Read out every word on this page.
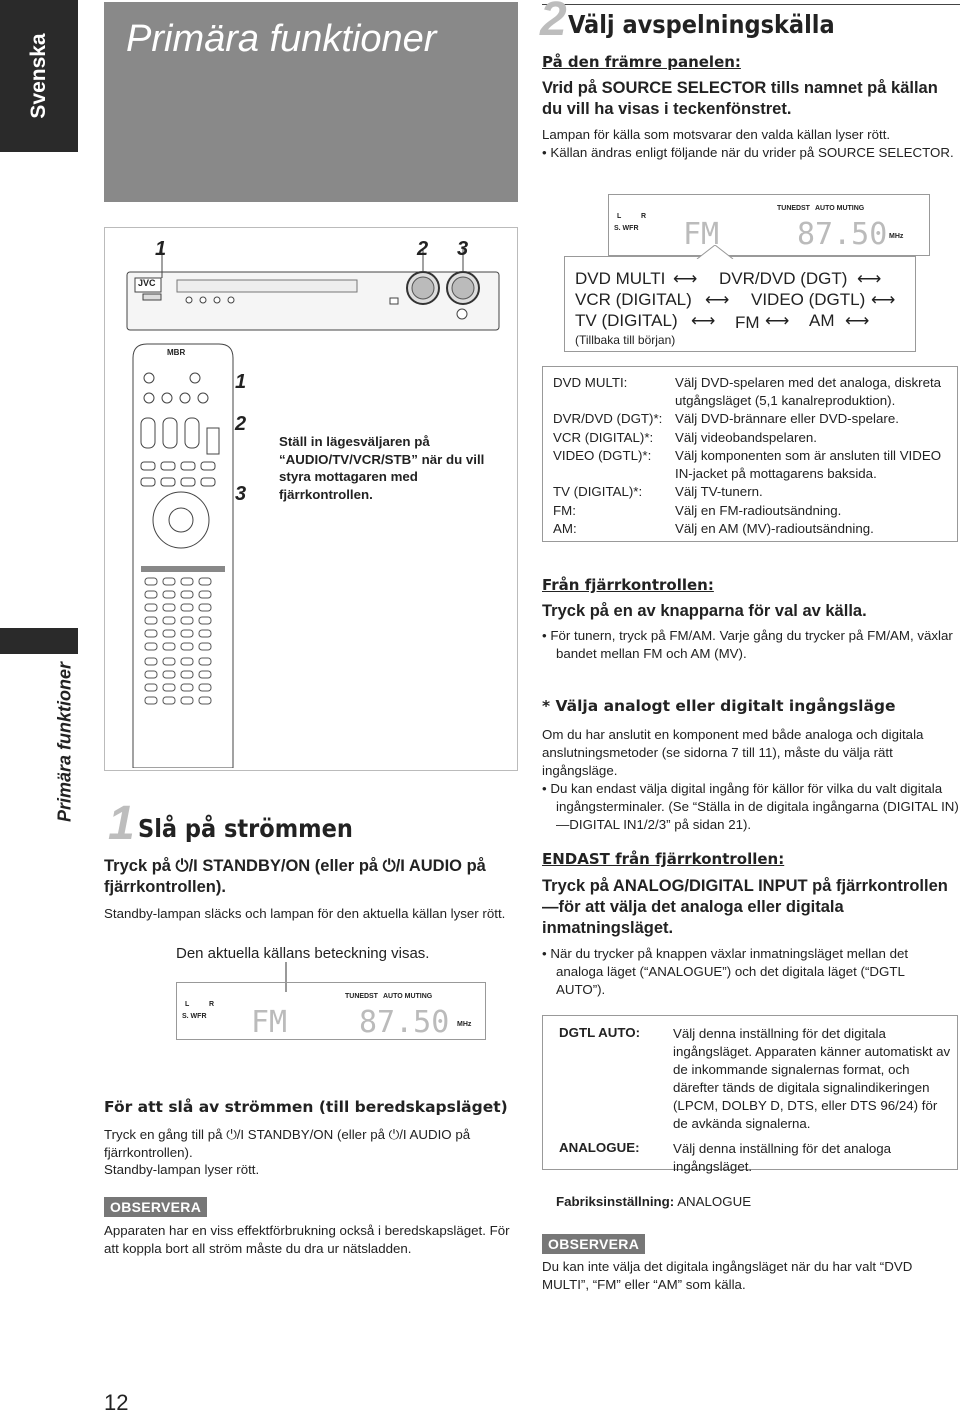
Svenska
Primära funktioner
Primära funktioner
1	2 3
JVC
MBR
1
2
3
Ställ in lägesväljaren på “AUDIO/TV/VCR/STB” när du vill styra mottagaren med fjärrkontrollen.
1 Slå på strömmen
Tryck på ⏻/I STANDBY/ON (eller på ⏻/I AUDIO på fjärrkontrollen).
Standby-lampan släcks och lampan för den aktuella källan lyser rött.
Den aktuella källans beteckning visas.
L	R
S. WFR
TUNED ST AUTO MUTING
FM 87.50 MHz
För att slå av strömmen (till beredskapsläget)
Tryck en gång till på ⏻/I STANDBY/ON (eller på ⏻/I AUDIO på fjärrkontrollen).
Standby-lampan lyser rött.
OBSERVERA
Apparaten har en viss effektförbrukning också i beredskapsläget. För att koppla bort all ström måste du dra ur nätsladden.
2 Välj avspelningskälla
På den främre panelen:
Vrid på SOURCE SELECTOR tills namnet på källan du vill ha visas i teckenfönstret.
Lampan för källa som motsvarar den valda källan lyser rött.
• Källan ändras enligt följande när du vrider på SOURCE SELECTOR.
L	R
S. WFR
TUNED ST AUTO MUTING
FM	87.50 MHz
DVD MULTI ⟷ DVR/DVD (DGT) ⟷
VCR (DIGITAL) ⟷ VIDEO (DGTL) ⟷
TV (DIGITAL) ⟷ FM ⟷ AM ⟷
(Tillbaka till början)
DVD MULTI:	Välj DVD-spelaren med det analoga, diskreta utgångsläget (5,1 kanalreproduktion).
DVR/DVD (DGT)*:	Välj DVD-brännare eller DVD-spelare.
VCR (DIGITAL)*:	Välj videobandspelaren.
VIDEO (DGTL)*:	Välj komponenten som är ansluten till VIDEO IN-jacket på mottagarens baksida.
TV (DIGITAL)*:	Välj TV-tunern.
FM:	Välj en FM-radioutsändning.
AM:	Välj en AM (MV)-radioutsändning.
Från fjärrkontrollen:
Tryck på en av knapparna för val av källa.
• För tunern, tryck på FM/AM. Varje gång du trycker på FM/AM, växlar bandet mellan FM och AM (MV).
* Välja analogt eller digitalt ingångsläge
Om du har anslutit en komponent med både analoga och digitala anslutningsmetoder (se sidorna 7 till 11), måste du välja rätt ingångsläge.
• Du kan endast välja digital ingång för källor för vilka du valt digitala ingångsterminaler. (Se “Ställa in de digitala ingångarna (DIGITAL IN)—DIGITAL IN1/2/3” på sidan 21).
ENDAST från fjärrkontrollen:
Tryck på ANALOG/DIGITAL INPUT på fjärrkontrollen—för att välja det analoga eller digitala inmatningsläget.
• När du trycker på knappen växlar inmatningsläget mellan det analoga läget (“ANALOGUE”) och det digitala läget (“DGTL AUTO”).
DGTL AUTO: Välj denna inställning för det digitala ingångsläget. Apparaten känner automatiskt av de inkommande signalernas format, och därefter tänds de digitala signalindikeringen (LPCM, DOLBY D, DTS, eller DTS 96/24) för de avkända signalerna.
ANALOGUE:	Välj denna inställning för det analoga ingångsläget.
Fabriksinställning: ANALOGUE
OBSERVERA
Du kan inte välja det digitala ingångsläget när du har valt “DVD MULTI”, “FM” eller “AM” som källa.
12
